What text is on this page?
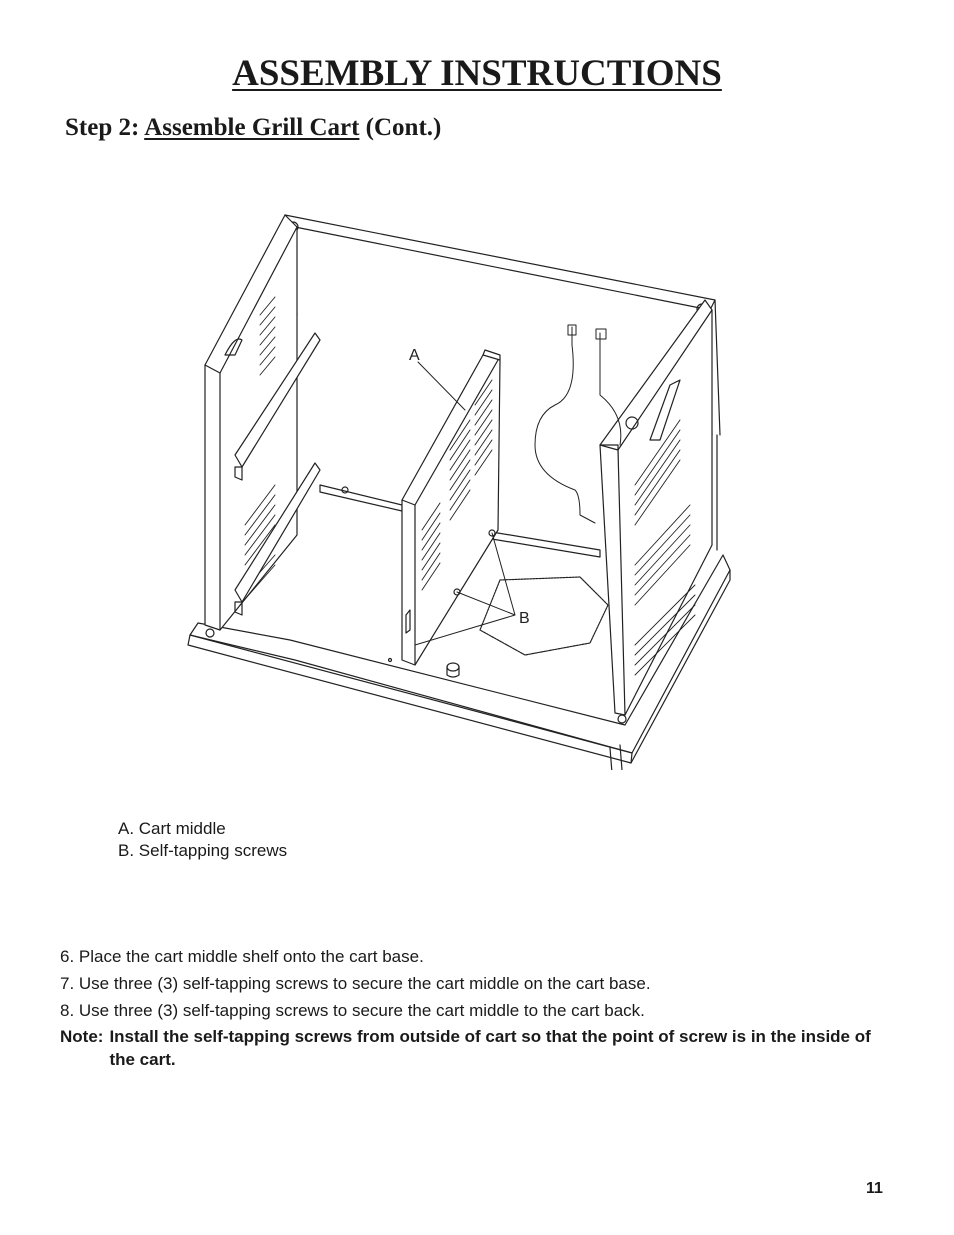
ASSEMBLY INSTRUCTIONS
Step 2: Assemble Grill Cart (Cont.)
A
B
A. Cart middle
B. Self-tapping screws
6. Place the cart middle shelf onto the cart base.
7. Use three (3) self-tapping screws to secure the cart middle on the cart base.
8. Use three (3) self-tapping screws to secure the cart middle to the cart back.
Note: Install the self-tapping screws from outside of cart so that the point of screw is in the inside of the cart.
11
